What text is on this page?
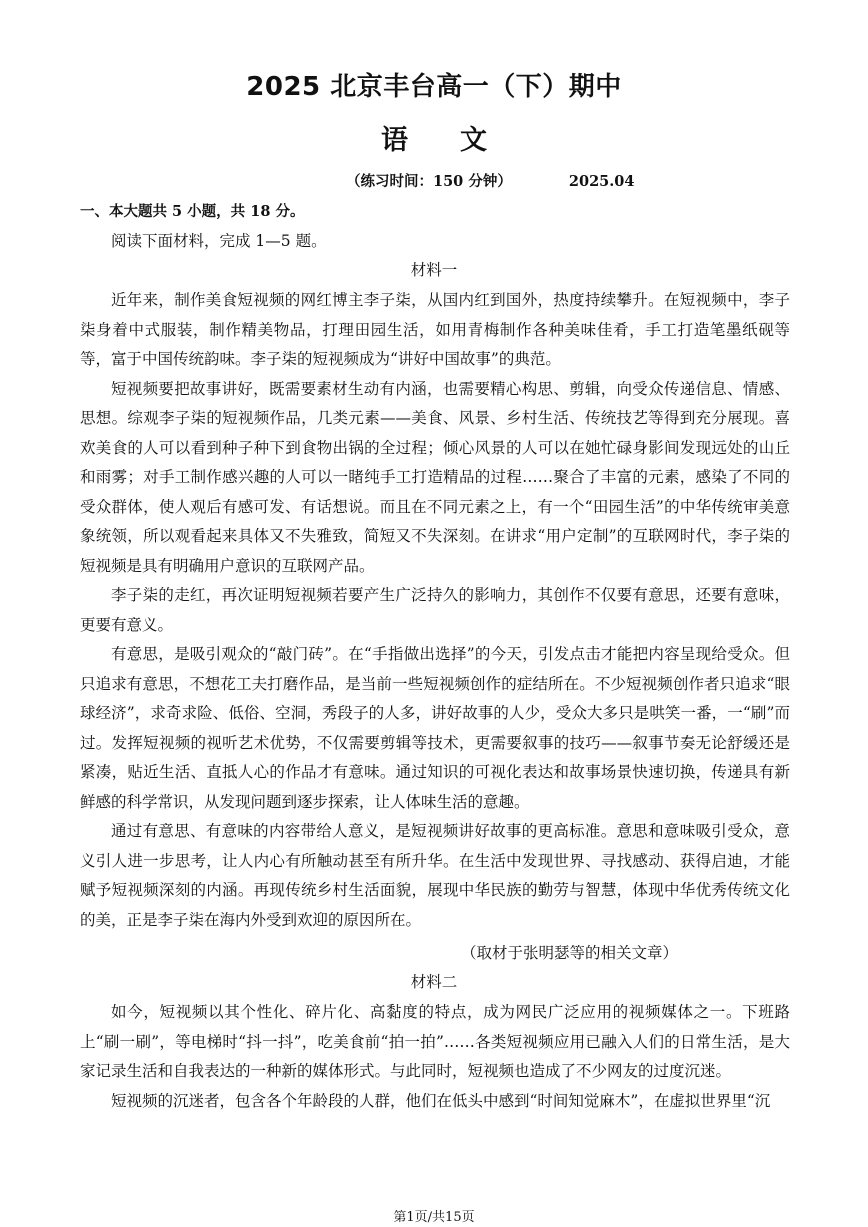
2025 北京丰台高一（下）期中
语文
（练习时间：150 分钟）	2025.04
一、本大题共 5 小题，共 18 分。
阅读下面材料，完成 1—5 题。
材料一

近年来，制作美食短视频的网红博主李子柒，从国内红到国外，热度持续攀升。在短视频中，李子柒身着中式服装，制作精美物品，打理田园生活，如用青梅制作各种美味佳肴，手工打造笔墨纸砚等等，富于中国传统韵味。李子柒的短视频成为“讲好中国故事”的典范。

短视频要把故事讲好，既需要素材生动有内涵，也需要精心构思、剪辑，向受众传递信息、情感、思想。综观李子柒的短视频作品，几类元素——美食、风景、乡村生活、传统技艺等得到充分展现。喜欢美食的人可以看到种子种下到食物出锅的全过程；倾心风景的人可以在她忙碌身影间发现远处的山丘和雨雾；对手工制作感兴趣的人可以一睹纯手工打造精品的过程……聚合了丰富的元素，感染了不同的受众群体，使人观后有感可发、有话想说。而且在不同元素之上，有一个“田园生活”的中华传统审美意象统领，所以观看起来具体又不失雅致，简短又不失深刻。在讲求“用户定制”的互联网时代，李子柒的短视频是具有明确用户意识的互联网产品。

李子柒的走红，再次证明短视频若要产生广泛持久的影响力，其创作不仅要有意思，还要有意味，更要有意义。

有意思，是吸引观众的“敲门砖”。在“手指做出选择”的今天，引发点击才能把内容呈现给受众。但只追求有意思，不想花工夫打磨作品，是当前一些短视频创作的症结所在。不少短视频创作者只追求“眼球经济”，求奇求险、低俗、空洞，秀段子的人多，讲好故事的人少，受众大多只是哄笑一番，一“刷”而过。发挥短视频的视听艺术优势，不仅需要剪辑等技术，更需要叙事的技巧——叙事节奏无论舒缓还是紧凑，贴近生活、直抵人心的作品才有意味。通过知识的可视化表达和故事场景快速切换，传递具有新鲜感的科学常识，从发现问题到逐步探索，让人体味生活的意趣。

通过有意思、有意味的内容带给人意义，是短视频讲好故事的更高标准。意思和意味吸引受众，意义引人进一步思考，让人内心有所触动甚至有所升华。在生活中发现世界、寻找感动、获得启迪，才能赋予短视频深刻的内涵。再现传统乡村生活面貌，展现中华民族的勤劳与智慧，体现中华优秀传统文化的美，正是李子柒在海内外受到欢迎的原因所在。

（取材于张明瑟等的相关文章）
材料二

如今，短视频以其个性化、碎片化、高黏度的特点，成为网民广泛应用的视频媒体之一。下班路上“刷一刷”，等电梯时“抖一抖”，吃美食前“拍一拍”……各类短视频应用已融入人们的日常生活，是大家记录生活和自我表达的一种新的媒体形式。与此同时，短视频也造成了不少网友的过度沉迷。

短视频的沉迷者，包含各个年龄段的人群，他们在低头中感到“时间知觉麻木”，在虚拟世界里“沉

第1页/共15页
